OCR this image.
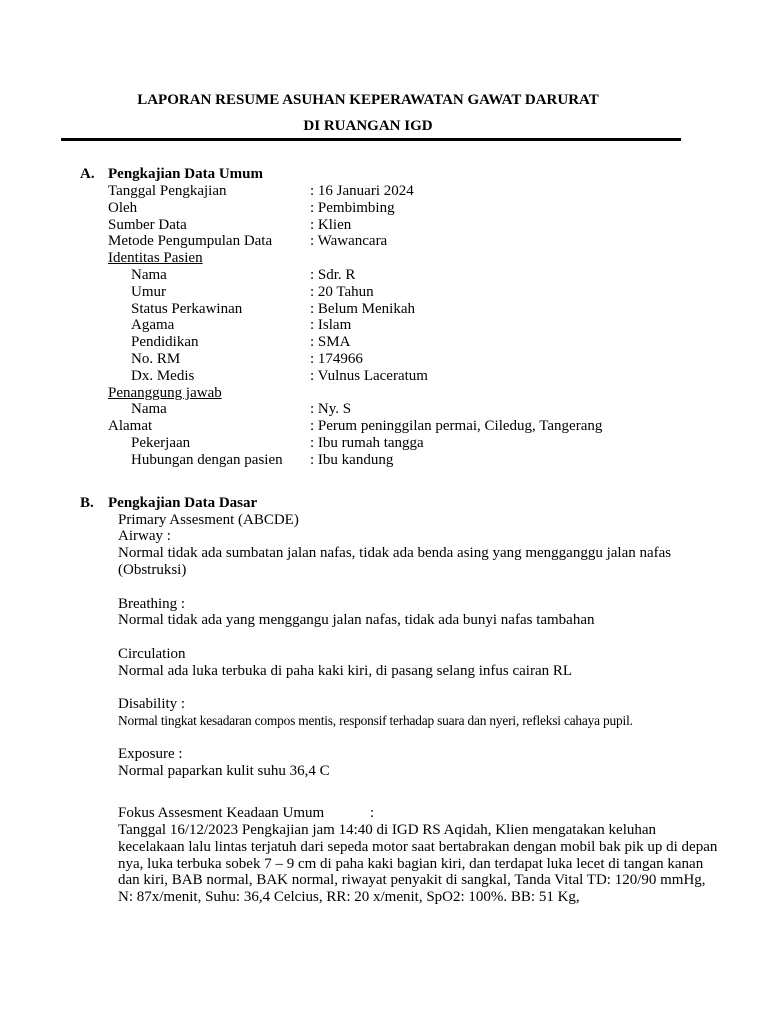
LAPORAN RESUME ASUHAN KEPERAWATAN GAWAT DARURAT
DI RUANGAN IGD
A. Pengkajian Data Umum
Tanggal Pengkajian	: 16 Januari 2024
Oleh	: Pembimbing
Sumber Data	: Klien
Metode Pengumpulan Data	: Wawancara
Identitas Pasien
Nama	: Sdr. R
Umur	: 20 Tahun
Status Perkawinan	: Belum Menikah
Agama	: Islam
Pendidikan	: SMA
No. RM	: 174966
Dx. Medis	: Vulnus Laceratum
Penanggung jawab
Nama	: Ny. S
Alamat	: Perum peninggilan permai, Ciledug, Tangerang
Pekerjaan	: Ibu rumah tangga
Hubungan dengan pasien : Ibu kandung
B. Pengkajian Data Dasar
Primary Assesment (ABCDE)
Airway :
Normal tidak ada sumbatan jalan nafas, tidak ada benda asing yang mengganggu jalan nafas (Obstruksi)
Breathing :
Normal tidak ada yang menggangu jalan nafas, tidak ada bunyi nafas tambahan
Circulation
Normal ada luka terbuka di paha kaki kiri, di pasang selang infus cairan RL
Disability :
Normal tingkat kesadaran compos mentis, responsif terhadap suara dan nyeri, refleksi cahaya pupil.
Exposure :
Normal paparkan kulit suhu 36,4 C
Fokus Assesment Keadaan Umum	:
Tanggal 16/12/2023 Pengkajian jam 14:40 di IGD RS Aqidah, Klien mengatakan keluhan
kecelakaan lalu lintas terjatuh dari sepeda motor saat bertabrakan dengan mobil bak pik up di depan
nya, luka terbuka sobek 7 – 9 cm di paha kaki bagian kiri, dan terdapat luka lecet di tangan kanan
dan kiri, BAB normal, BAK normal, riwayat penyakit di sangkal, Tanda Vital TD: 120/90 mmHg,
N: 87x/menit, Suhu: 36,4 Celcius, RR: 20 x/menit, SpO2: 100%. BB: 51 Kg,
